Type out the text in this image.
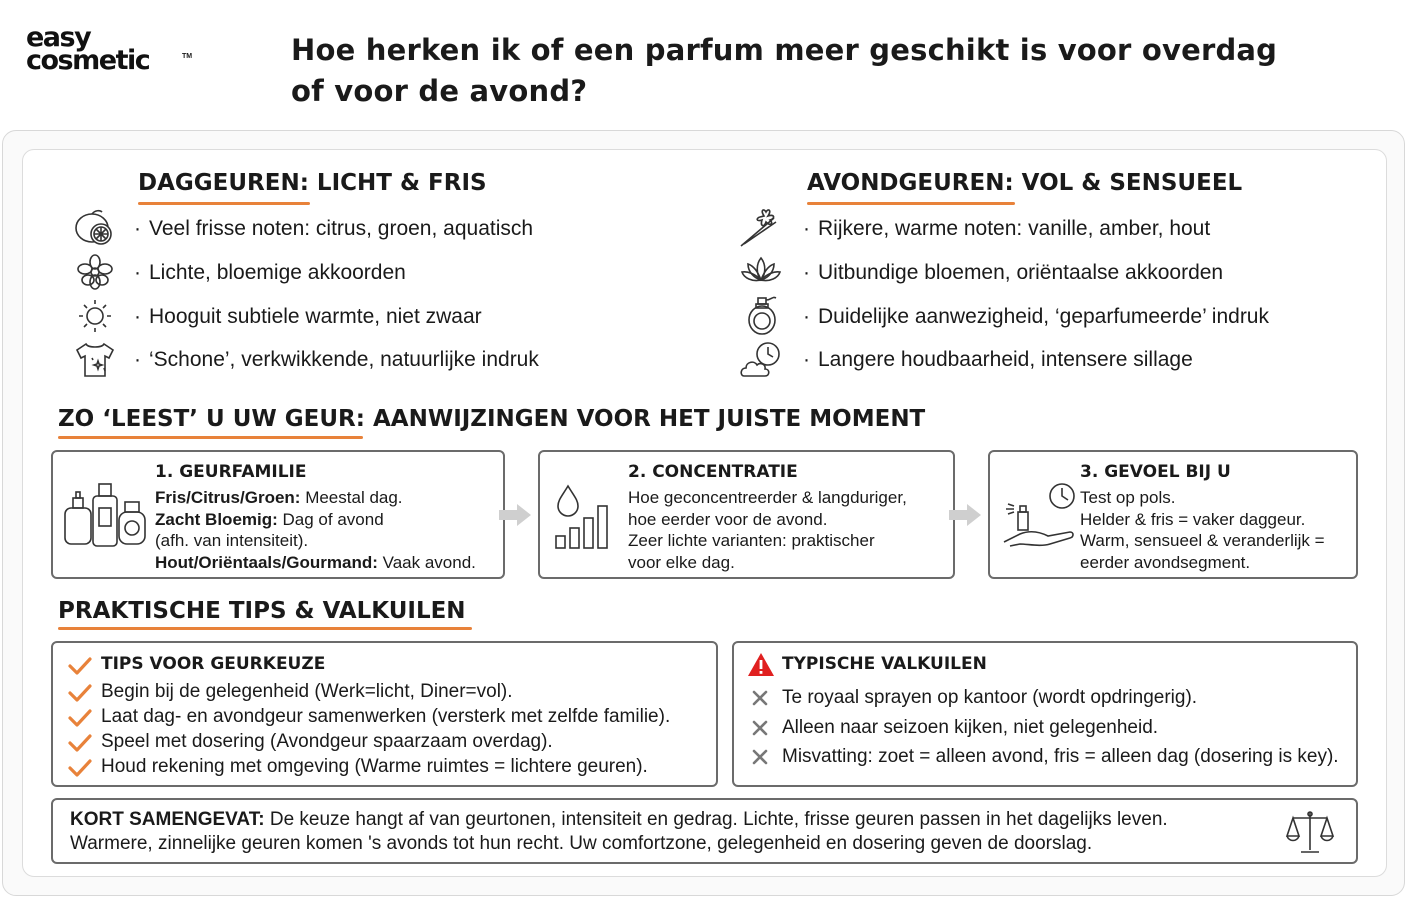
easy
cosmetic	TM	Hoe herken ik of een parfum meer geschikt is voor overdag
of voor de avond?
DAGGEUREN: LICHT & FRIS
· Veel frisse noten: citrus, groen, aquatisch
· Lichte, bloemige akkoorden
· Hooguit subtiele warmte, niet zwaar
· ‘Schone’, verkwikkende, natuurlijke indruk
AVONDGEUREN: VOL & SENSUEEL
· Rijkere, warme noten: vanille, amber, hout
· Uitbundige bloemen, oriëntaalse akkoorden
· Duidelijke aanwezigheid, ‘geparfumeerde’ indruk
· Langere houdbaarheid, intensere sillage
ZO ‘LEEST’ U UW GEUR: AANWIJZINGEN VOOR HET JUISTE MOMENT
1. GEURFAMILIE
Fris/Citrus/Groen: Meestal dag.
Zacht Bloemig: Dag of avond
(afh. van intensiteit).
Hout/Oriëntaals/Gourmand: Vaak avond.
2. CONCENTRATIE
Hoe geconcentreerder & langduriger,
hoe eerder voor de avond.
Zeer lichte varianten: praktischer
voor elke dag.
3. GEVOEL BIJ U
Test op pols.
Helder & fris = vaker daggeur.
Warm, sensueel & veranderlijk =
eerder avondsegment.
PRAKTISCHE TIPS & VALKUILEN
TIPS VOOR GEURKEUZE
Begin bij de gelegenheid (Werk=licht, Diner=vol).
Laat dag- en avondgeur samenwerken (versterk met zelfde familie).
Speel met dosering (Avondgeur spaarzaam overdag).
Houd rekening met omgeving (Warme ruimtes = lichtere geuren).
TYPISCHE VALKUILEN
Te royaal sprayen op kantoor (wordt opdringerig).
Alleen naar seizoen kijken, niet gelegenheid.
Misvatting: zoet = alleen avond, fris = alleen dag (dosering is key).
KORT SAMENGEVAT: De keuze hangt af van geurtonen, intensiteit en gedrag. Lichte, frisse geuren passen in het dagelijks leven.
Warmere, zinnelijke geuren komen 's avonds tot hun recht. Uw comfortzone, gelegenheid en dosering geven de doorslag.
